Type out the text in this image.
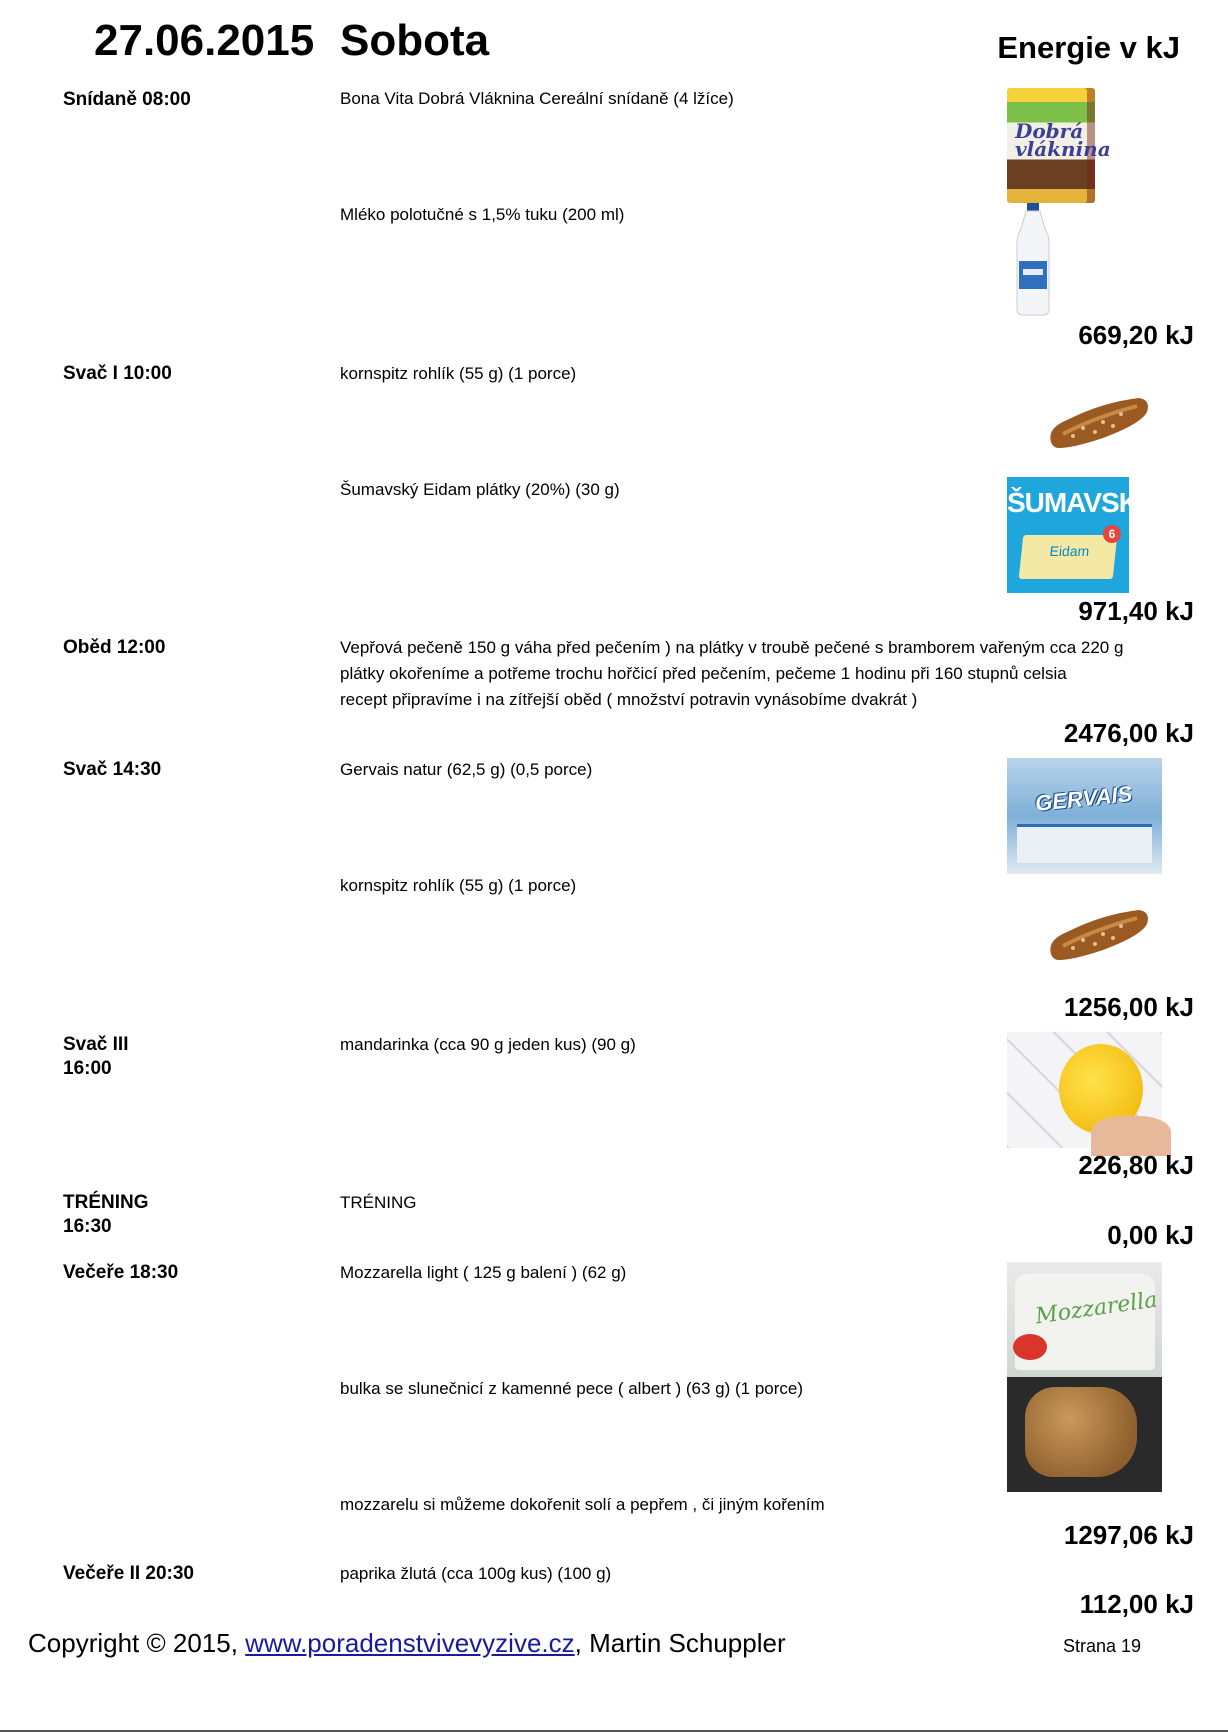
27.06.2015 Sobota	Energie v kJ
Snídaně 08:00	Bona Vita Dobrá Vláknina Cereální snídaně (4 lžíce)
Dobrá
vláknina
Mléko polotučné s 1,5% tuku (200 ml)
669,20 kJ
Svač I 10:00	kornspitz rohlík (55 g) (1 porce)
Šumavský Eidam plátky (20%) (30 g)	ŠUMAVSKÝ
Eidam
6
971,40 kJ
Oběd 12:00	Vepřová pečeně 150 g váha před pečením ) na plátky v troubě pečené s bramborem vařeným cca 220 g
plátky okořeníme a potřeme trochu hořčicí před pečením, pečeme 1 hodinu při 160 stupnů celsia
recept připravíme i na zítřejší oběd ( množství potravin vynásobíme dvakrát )
2476,00 kJ
Svač 14:30	Gervais natur (62,5 g) (0,5 porce)
GERVAIS
kornspitz rohlík (55 g) (1 porce)
1256,00 kJ
Svač III
16:00
mandarinka (cca 90 g jeden kus) (90 g)
226,80 kJ
TRÉNING
16:30
TRÉNING
0,00 kJ
Večeře 18:30	Mozzarella light ( 125 g balení ) (62 g)
Mozzarella
bulka se slunečnicí z kamenné pece ( albert ) (63 g) (1 porce)
mozzarelu si můžeme dokořenit solí a pepřem , či jiným kořením
1297,06 kJ
Večeře II 20:30	paprika žlutá (cca 100g kus) (100 g)
112,00 kJ
Copyright © 2015, www.poradenstvivevyzive.cz, Martin Schuppler	Strana 19
